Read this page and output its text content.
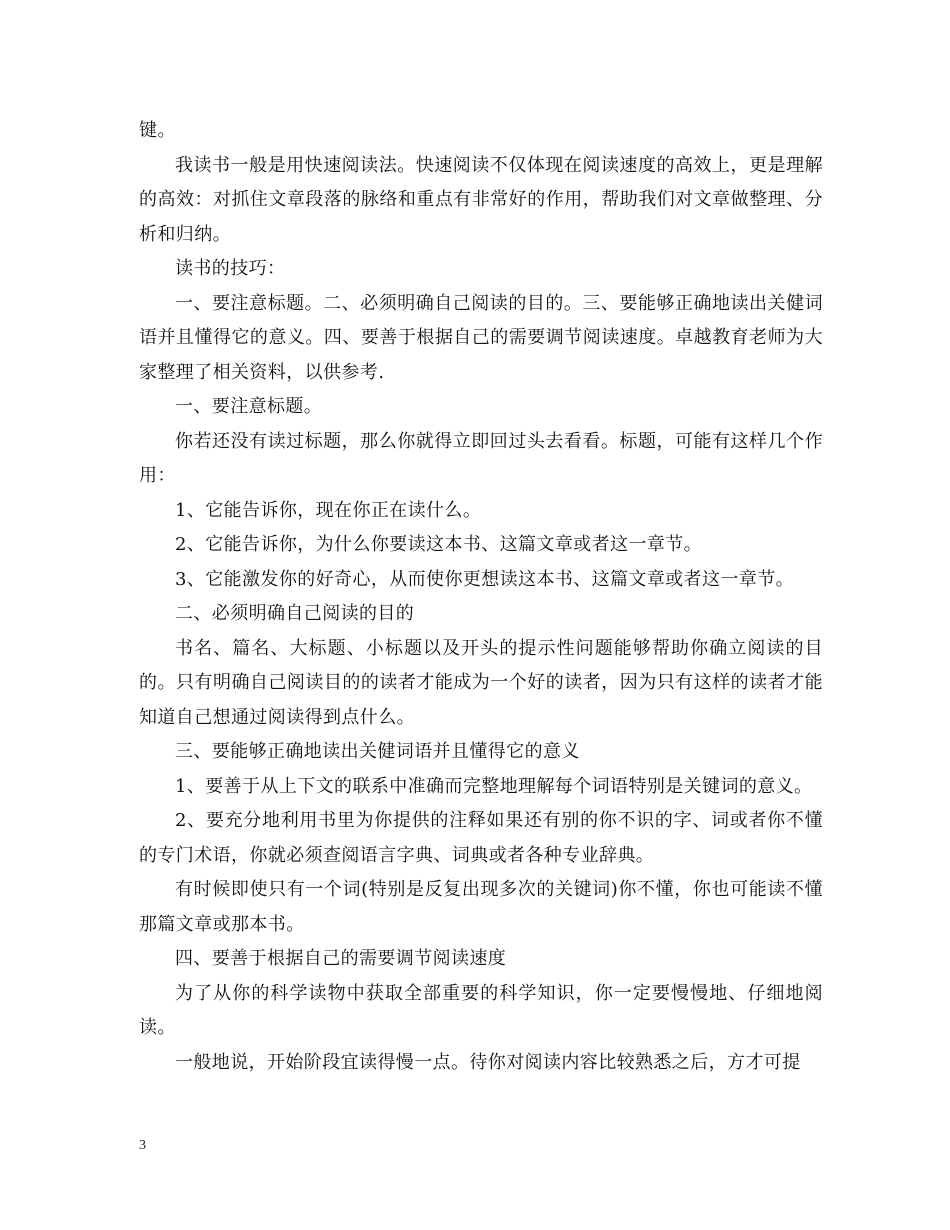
键。

我读书一般是用快速阅读法。快速阅读不仅体现在阅读速度的高效上，更是理解的高效：对抓住文章段落的脉络和重点有非常好的作用，帮助我们对文章做整理、分析和归纳。

读书的技巧：

一、要注意标题。二、必须明确自己阅读的目的。三、要能够正确地读出关健词语并且懂得它的意义。四、要善于根据自己的需要调节阅读速度。卓越教育老师为大家整理了相关资料，以供参考.

一、要注意标题。

你若还没有读过标题，那么你就得立即回过头去看看。标题，可能有这样几个作用：

1、它能告诉你，现在你正在读什么。

2、它能告诉你，为什么你要读这本书、这篇文章或者这一章节。

3、它能激发你的好奇心，从而使你更想读这本书、这篇文章或者这一章节。

二、必须明确自己阅读的目的

书名、篇名、大标题、小标题以及开头的提示性问题能够帮助你确立阅读的目的。只有明确自己阅读目的的读者才能成为一个好的读者，因为只有这样的读者才能知道自己想通过阅读得到点什么。

三、要能够正确地读出关健词语并且懂得它的意义

1、要善于从上下文的联系中准确而完整地理解每个词语特别是关键词的意义。

2、要充分地利用书里为你提供的注释如果还有别的你不识的字、词或者你不懂的专门术语，你就必须查阅语言字典、词典或者各种专业辞典。

有时候即使只有一个词(特别是反复出现多次的关键词)你不懂，你也可能读不懂那篇文章或那本书。

四、要善于根据自己的需要调节阅读速度

为了从你的科学读物中获取全部重要的科学知识，你一定要慢慢地、仔细地阅读。

一般地说，开始阶段宜读得慢一点。待你对阅读内容比较熟悉之后，方才可提

3
